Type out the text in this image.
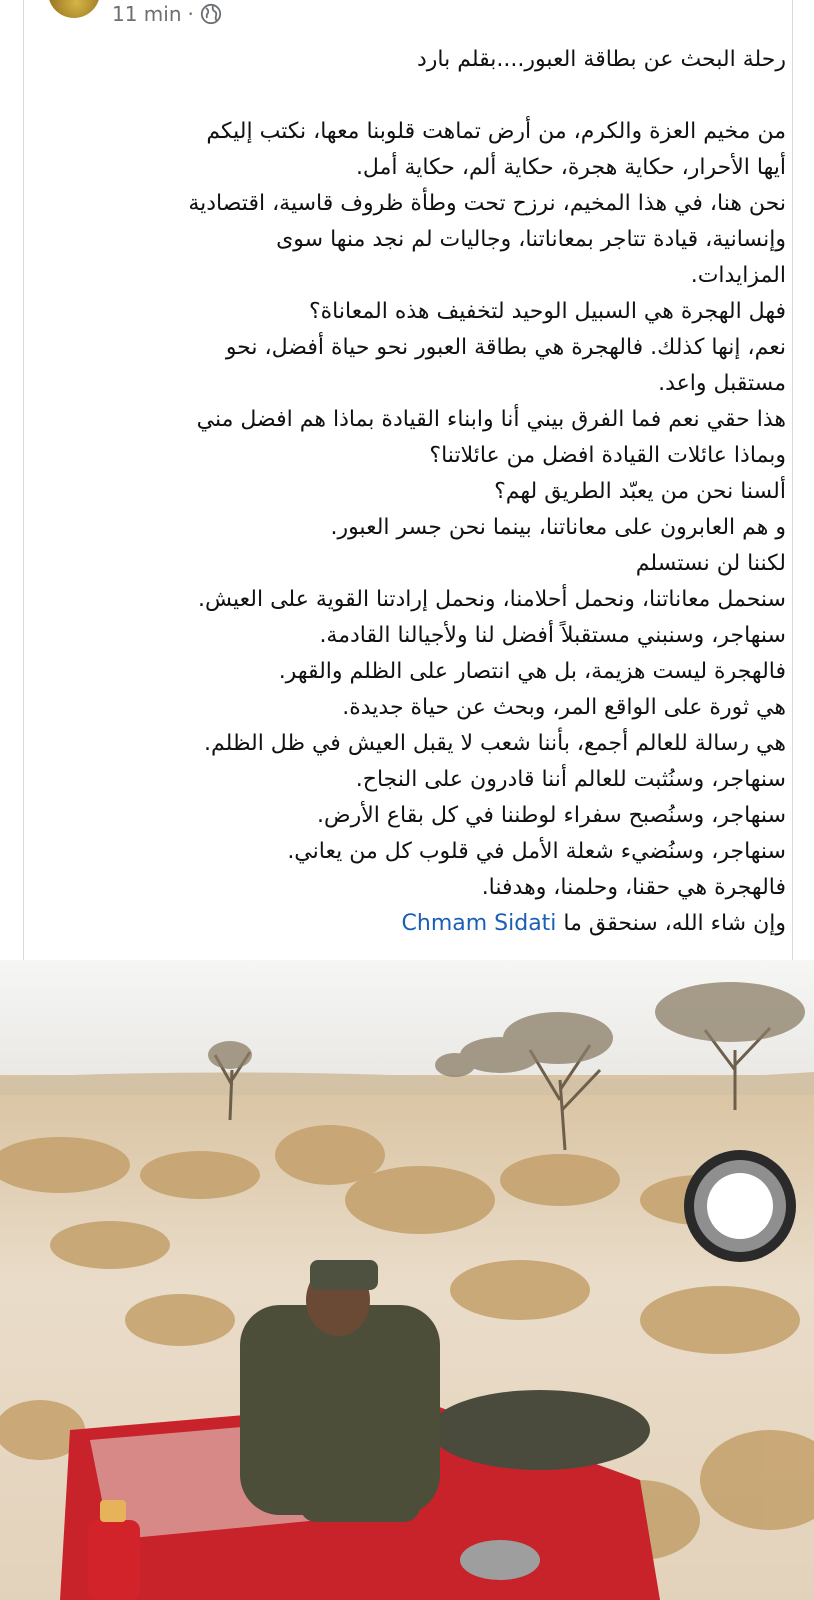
11 min ·

رحلة البحث عن بطاقة العبور....بقلم بارد

من مخيم العزة والكرم، من أرض تماهت قلوبنا معها، نكتب إليكم

أيها الأحرار، حكاية هجرة، حكاية ألم، حكاية أمل.

نحن هنا، في هذا المخيم، نرزح تحت وطأة ظروف قاسية، اقتصادية

وإنسانية، قيادة تتاجر بمعاناتنا، وجاليات لم نجد منها سوى

المزايدات.

فهل الهجرة هي السبيل الوحيد لتخفيف هذه المعاناة؟

نعم، إنها كذلك. فالهجرة هي بطاقة العبور نحو حياة أفضل، نحو

مستقبل واعد.

هذا حقي نعم فما الفرق بيني أنا وابناء القيادة بماذا هم افضل مني

وبماذا عائلات القيادة افضل من عائلاتنا؟

ألسنا نحن من يعبّد الطريق لهم؟

و هم العابرون على معاناتنا، بينما نحن جسر العبور.

لكننا لن نستسلم

سنحمل معاناتنا، ونحمل أحلامنا، ونحمل إرادتنا القوية على العيش.

سنهاجر، وسنبني مستقبلاً أفضل لنا ولأجيالنا القادمة.

فالهجرة ليست هزيمة، بل هي انتصار على الظلم والقهر.

هي ثورة على الواقع المر، وبحث عن حياة جديدة.

هي رسالة للعالم أجمع، بأننا شعب لا يقبل العيش في ظل الظلم.

سنهاجر، وسنُثبت للعالم أننا قادرون على النجاح.

سنهاجر، وسنُصبح سفراء لوطننا في كل بقاع الأرض.

سنهاجر، وسنُضيء شعلة الأمل في قلوب كل من يعاني.

فالهجرة هي حقنا، وحلمنا، وهدفنا.

وإن شاء الله، سنحقق ما Chmam Sidati
